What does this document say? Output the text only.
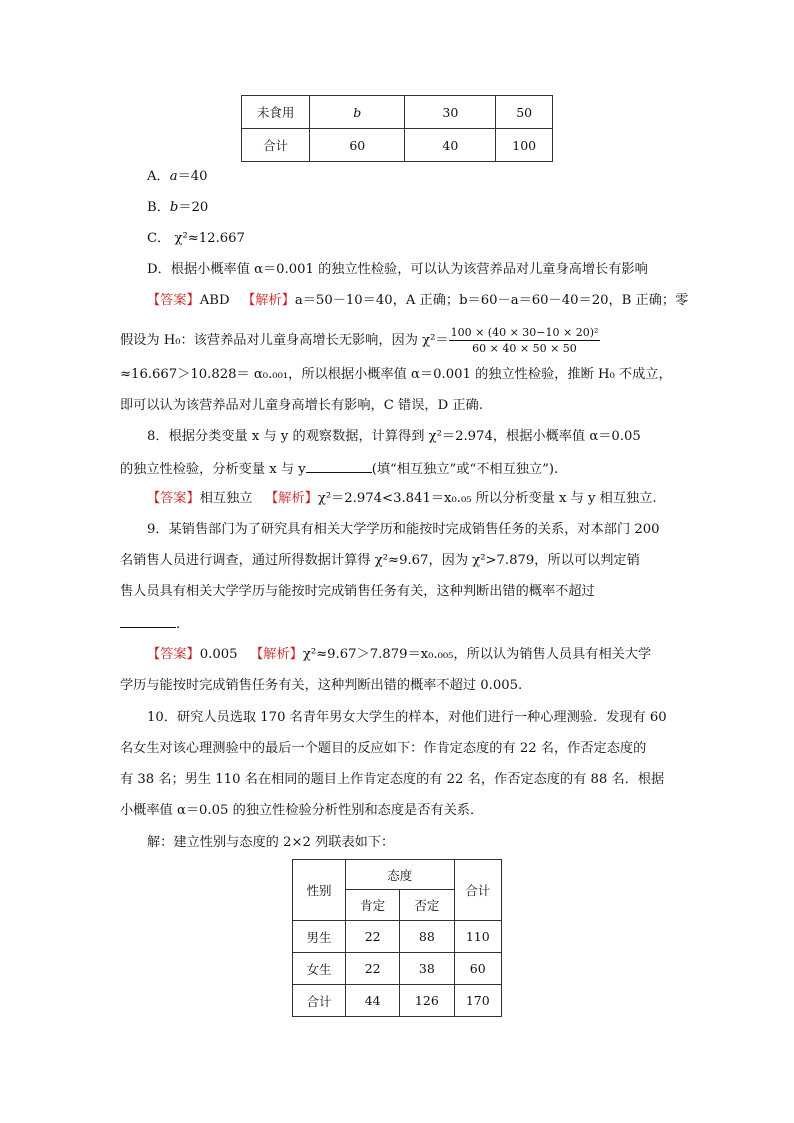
未食用	b	30	50
合计	60	40	100
A．a＝40
B．b＝20
C． χ²≈12.667
D．根据小概率值 α＝0.001 的独立性检验，可以认为该营养品对儿童身高增长有影响
【答案】ABD 【解析】a＝50－10＝40，A 正确；b＝60－a＝60－40＝20，B 正确；零
假设为 H₀：该营养品对儿童身高增长无影响，因为 $\chi^2= \frac{\text{100 × (40 × 30−10 × 20)²}}{60 \times 40 \times 50 \times 50}$
≈16.667＞10.828＝ α₀.₀₀₁，所以根据小概率值 α＝0.001 的独立性检验，推断 H₀ 不成立，
即可以认为该营养品对儿童身高增长有影响，C 错误，D 正确.
8．根据分类变量 x 与 y 的观察数据，计算得到 χ²＝2.974，根据小概率值 α＝0.05
的独立性检验，分析变量 x 与 y	(填“相互独立”或“不相互独立”).
【答案】相互独立 【解析】χ²＝2.974<3.841＝x₀.₀₅ 所以分析变量 x 与 y 相互独立.
9．某销售部门为了研究具有相关大学学历和能按时完成销售任务的关系，对本部门 200
名销售人员进行调查，通过所得数据计算得 χ²≈9.67，因为 χ²>7.879，所以可以判定销
售人员具有相关大学学历与能按时完成销售任务有关，这种判断出错的概率不超过
.
【答案】0.005 【解析】χ²≈9.67＞7.879＝x₀.₀₀₅，所以认为销售人员具有相关大学
学历与能按时完成销售任务有关，这种判断出错的概率不超过 0.005.
10．研究人员选取 170 名青年男女大学生的样本，对他们进行一种心理测验．发现有 60
名女生对该心理测验中的最后一个题目的反应如下：作肯定态度的有 22 名，作否定态度的
有 38 名；男生 110 名在相同的题目上作肯定态度的有 22 名，作否定态度的有 88 名．根据
小概率值 α＝0.05 的独立性检验分析性别和态度是否有关系．
解：建立性别与态度的 2×2 列联表如下：
性别	态度		合计
	肯定	否定	
男生	22	88	110
女生	22	38	60
合计	44	126	170
